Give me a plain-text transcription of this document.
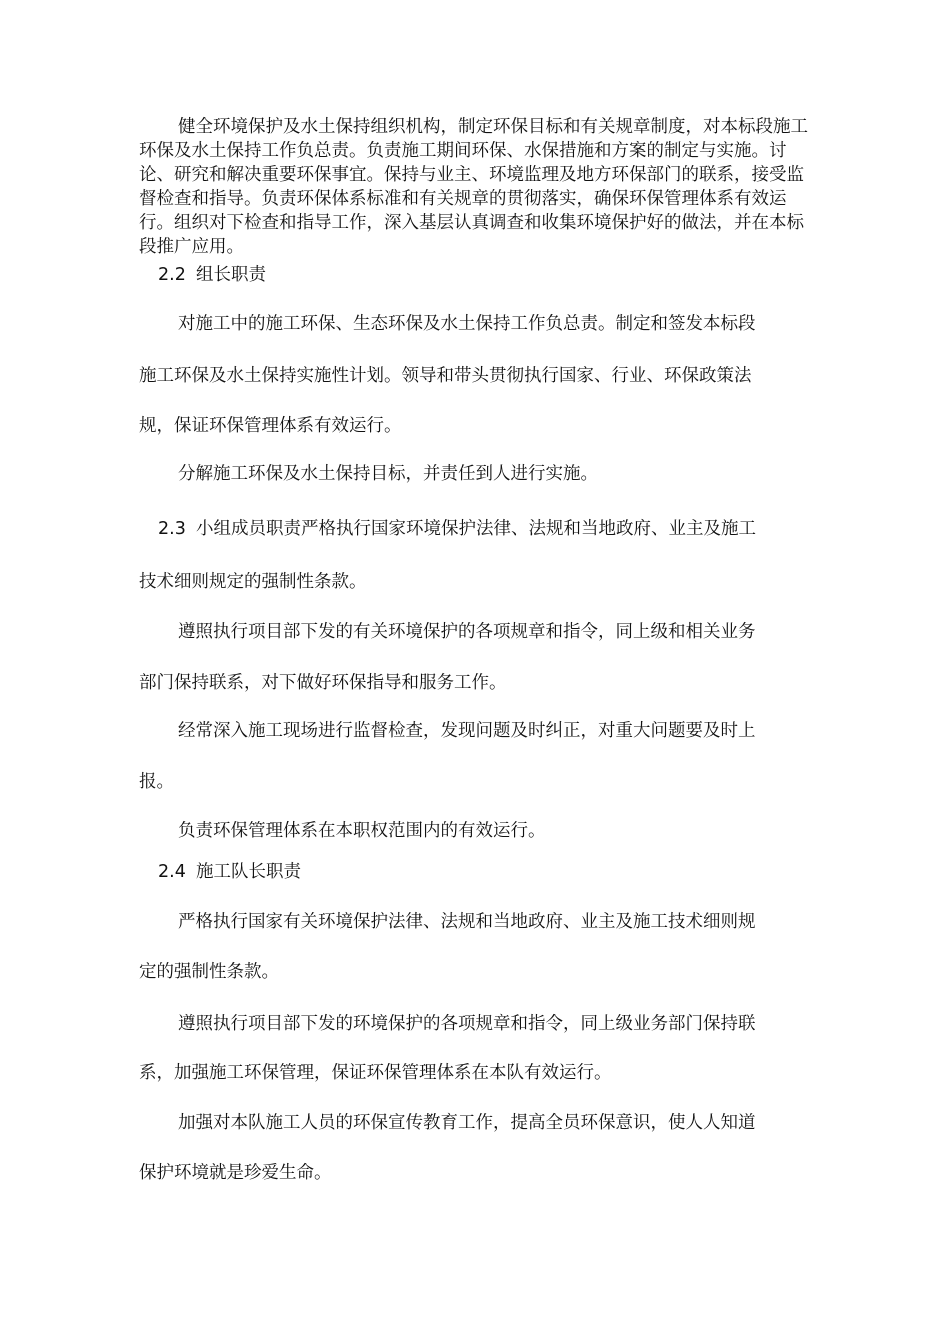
健全环境保护及水土保持组织机构，制定环保目标和有关规章制度，对本标段施工环保及水土保持工作负总责。负责施工期间环保、水保措施和方案的制定与实施。讨论、研究和解决重要环保事宜。保持与业主、环境监理及地方环保部门的联系，接受监督检查和指导。负责环保体系标准和有关规章的贯彻落实，确保环保管理体系有效运行。组织对下检查和指导工作，深入基层认真调查和收集环境保护好的做法，并在本标段推广应用。

2.2 组长职责

对施工中的施工环保、生态环保及水土保持工作负总责。制定和签发本标段

施工环保及水土保持实施性计划。领导和带头贯彻执行国家、行业、环保政策法

规，保证环保管理体系有效运行。

分解施工环保及水土保持目标，并责任到人进行实施。

2.3 小组成员职责严格执行国家环境保护法律、法规和当地政府、业主及施工

技术细则规定的强制性条款。

遵照执行项目部下发的有关环境保护的各项规章和指令，同上级和相关业务

部门保持联系，对下做好环保指导和服务工作。

经常深入施工现场进行监督检查，发现问题及时纠正，对重大问题要及时上

报。

负责环保管理体系在本职权范围内的有效运行。

2.4 施工队长职责

严格执行国家有关环境保护法律、法规和当地政府、业主及施工技术细则规

定的强制性条款。

遵照执行项目部下发的环境保护的各项规章和指令，同上级业务部门保持联

系，加强施工环保管理，保证环保管理体系在本队有效运行。

加强对本队施工人员的环保宣传教育工作，提高全员环保意识，使人人知道

保护环境就是珍爱生命。
